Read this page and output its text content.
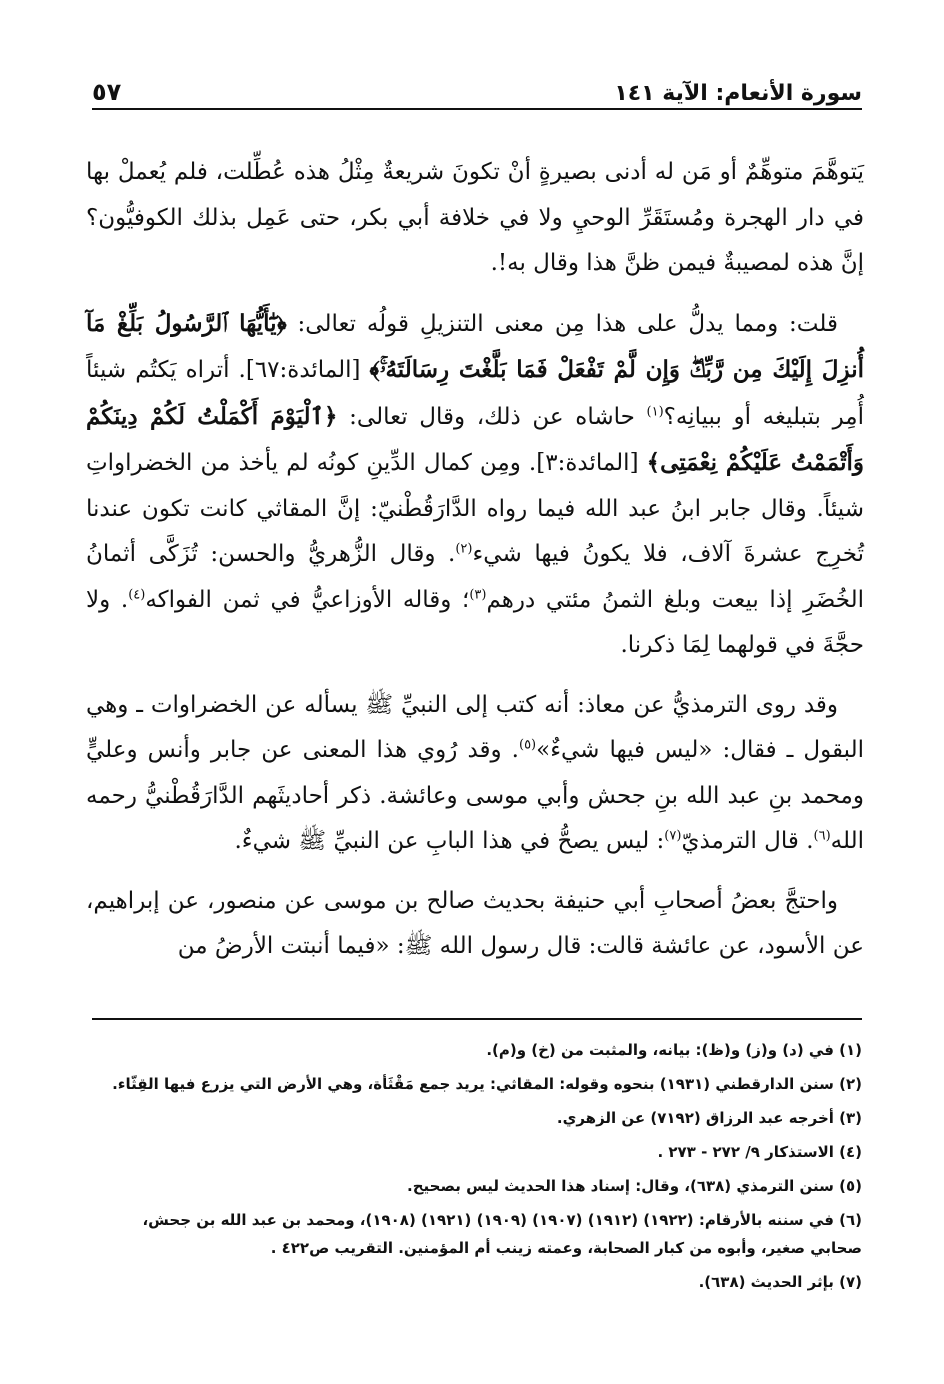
سورة الأنعام: الآية ١٤١
٥٧

يَتوهَّمَ متوهِّمٌ أو مَن له أدنى بصيرةٍ أنْ تكونَ شريعةٌ مِثْلُ هذه عُطِّلت، فلم يُعملْ بها في دار الهجرة ومُستَقَرِّ الوحيِ ولا في خلافة أبي بكر، حتى عَمِل بذلك الكوفيُّون؟ إنَّ هذه لمصيبةٌ فيمن ظنَّ هذا وقال به!.

قلت: ومما يدلُّ على هذا مِن معنى التنزيلِ قولُه تعالى: ﴿يَٰٓأَيُّهَا ٱلرَّسُولُ بَلِّغْ مَآ أُنزِلَ إِلَيْكَ مِن رَّبِّكَۖ وَإِن لَّمْ تَفْعَلْ فَمَا بَلَّغْتَ رِسَالَتَهُۥۚ﴾ [المائدة:٦٧]. أتراه يَكتُم شيئاً أُمِر بتبليغه أو ببيانِه؟$^{(١)}$ حاشاه عن ذلك، وقال تعالى: ﴿ٱلْيَوْمَ أَكْمَلْتُ لَكُمْ دِينَكُمْ وَأَتْمَمْتُ عَلَيْكُمْ نِعْمَتِى﴾ [المائدة:٣]. ومِن كمال الدِّينِ كونُه لم يأخذ من الخضراواتِ شيئاً. وقال جابر ابنُ عبد الله فيما رواه الدَّارَقُطْنيّ: إنَّ المقاثي كانت تكون عندنا تُخرِج عشرةَ آلاف، فلا يكونُ فيها شيء$^{(٢)}$. وقال الزُّهريُّ والحسن: تُزَكَّى أثمانُ الخُضَرِ إذا بيعت وبلغ الثمنُ مئتي درهم$^{(٣)}$؛ وقاله الأوزاعيُّ في ثمن الفواكه$^{(٤)}$. ولا حجَّةَ في قولهما لِمَا ذكرنا.

وقد روى الترمذيُّ عن معاذ: أنه كتب إلى النبيِّ ﷺ يسأله عن الخضراوات ـ وهي البقول ـ فقال: «ليس فيها شيءٌ»$^{(٥)}$. وقد رُوي هذا المعنى عن جابر وأنس وعليٍّ ومحمد بنِ عبد الله بنِ جحش وأبي موسى وعائشة. ذكر أحاديثَهم الدَّارَقُطْنيُّ رحمه الله$^{(٦)}$. قال الترمذيّ$^{(٧)}$: ليس يصحُّ في هذا البابِ عن النبيِّ ﷺ شيءٌ.

واحتجَّ بعضُ أصحابِ أبي حنيفة بحديث صالح بن موسى عن منصور، عن إبراهيم، عن الأسود، عن عائشة قالت: قال رسول الله ﷺ: «فيما أنبتت الأرضُ من

(١) في (د) و(ز) و(ظ): بيانه، والمثبت من (خ) و(م).
(٢) سنن الدارقطني (١٩٣١) بنحوه وقوله: المقاثي: يريد جمع مَقْثَأة، وهي الأرض التي يزرع فيها القِثّاء.
(٣) أخرجه عبد الرزاق (٧١٩٢) عن الزهري.
(٤) الاستذكار ٩/ ٢٧٢ - ٢٧٣ .
(٥) سنن الترمذي (٦٣٨)، وقال: إسناد هذا الحديث ليس بصحيح.
(٦) في سننه بالأرقام: (١٩٢٢) (١٩١٢) (١٩٠٧) (١٩٠٩) (١٩٢١) (١٩٠٨)، ومحمد بن عبد الله بن جحش، صحابي صغير، وأبوه من كبار الصحابة، وعمته زينب أم المؤمنين. التقريب ص٤٢٢ .
(٧) بإثر الحديث (٦٣٨).
